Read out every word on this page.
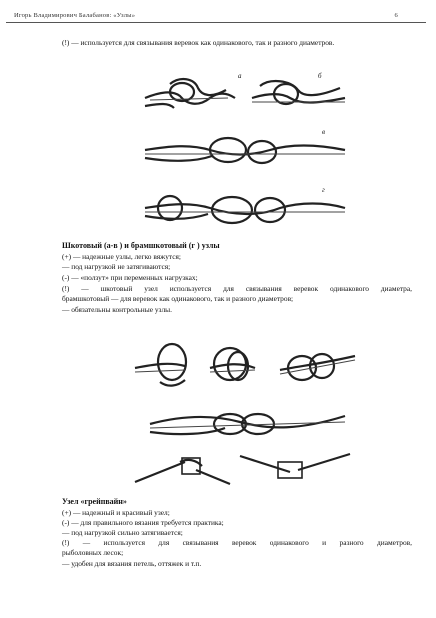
Игорь Владимирович Балабанов: «Узлы»	6
(!) — используется для связывания веревок как одинакового, так и разного диаметров.
а	б
в
г
Шкотовый (а-в ) и брамшкотовый (г ) узлы
(+) — надежные узлы, легко вяжутся;
— под нагрузкой не затягиваются;
(-) — «ползут» при переменных нагрузках;
(!) — шкотовый узел используется для связывания веревок одинакового диаметра,
брамшкотовый — для веревок как одинакового, так и разного диаметров;
— обязательны контрольные узлы.
Узел «грейпвайн»
(+) — надежный и красивый узел;
(-) — для правильного вязания требуется практика;
— под нагрузкой сильно затягивается;
(!) — используется для связывания веревок одинакового и разного диаметров,
рыболовных лесок;
— удобен для вязания петель, оттяжек и т.п.
